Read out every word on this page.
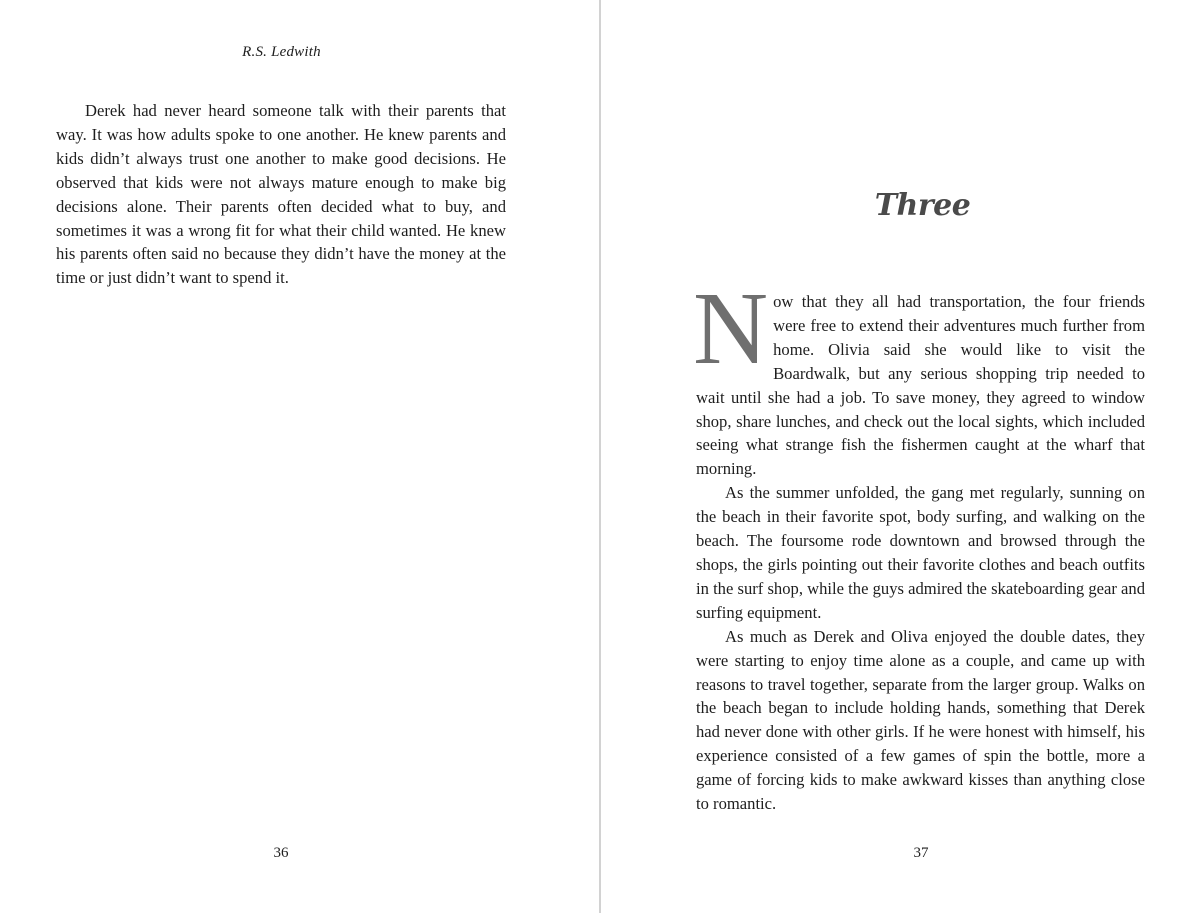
R.S. Ledwith

Derek had never heard someone talk with their parents that way. It was how adults spoke to one another. He knew parents and kids didn’t always trust one another to make good decisions. He observed that kids were not always mature enough to make big decisions alone. Their parents often decided what to buy, and sometimes it was a wrong fit for what their child wanted. He knew his parents often said no because they didn’t have the money at the time or just didn’t want to spend it.

36
Three

Now that they all had transportation, the four friends were free to extend their adventures much further from home. Olivia said she would like to visit the Boardwalk, but any serious shopping trip needed to wait until she had a job. To save money, they agreed to window shop, share lunches, and check out the local sights, which included seeing what strange fish the fishermen caught at the wharf that morning.

As the summer unfolded, the gang met regularly, sunning on the beach in their favorite spot, body surfing, and walking on the beach. The foursome rode downtown and browsed through the shops, the girls pointing out their favorite clothes and beach outfits in the surf shop, while the guys admired the skateboarding gear and surfing equipment.

As much as Derek and Oliva enjoyed the double dates, they were starting to enjoy time alone as a couple, and came up with reasons to travel together, separate from the larger group. Walks on the beach began to include holding hands, something that Derek had never done with other girls. If he were honest with himself, his experience consisted of a few games of spin the bottle, more a game of forcing kids to make awkward kisses than anything close to romantic.

37
